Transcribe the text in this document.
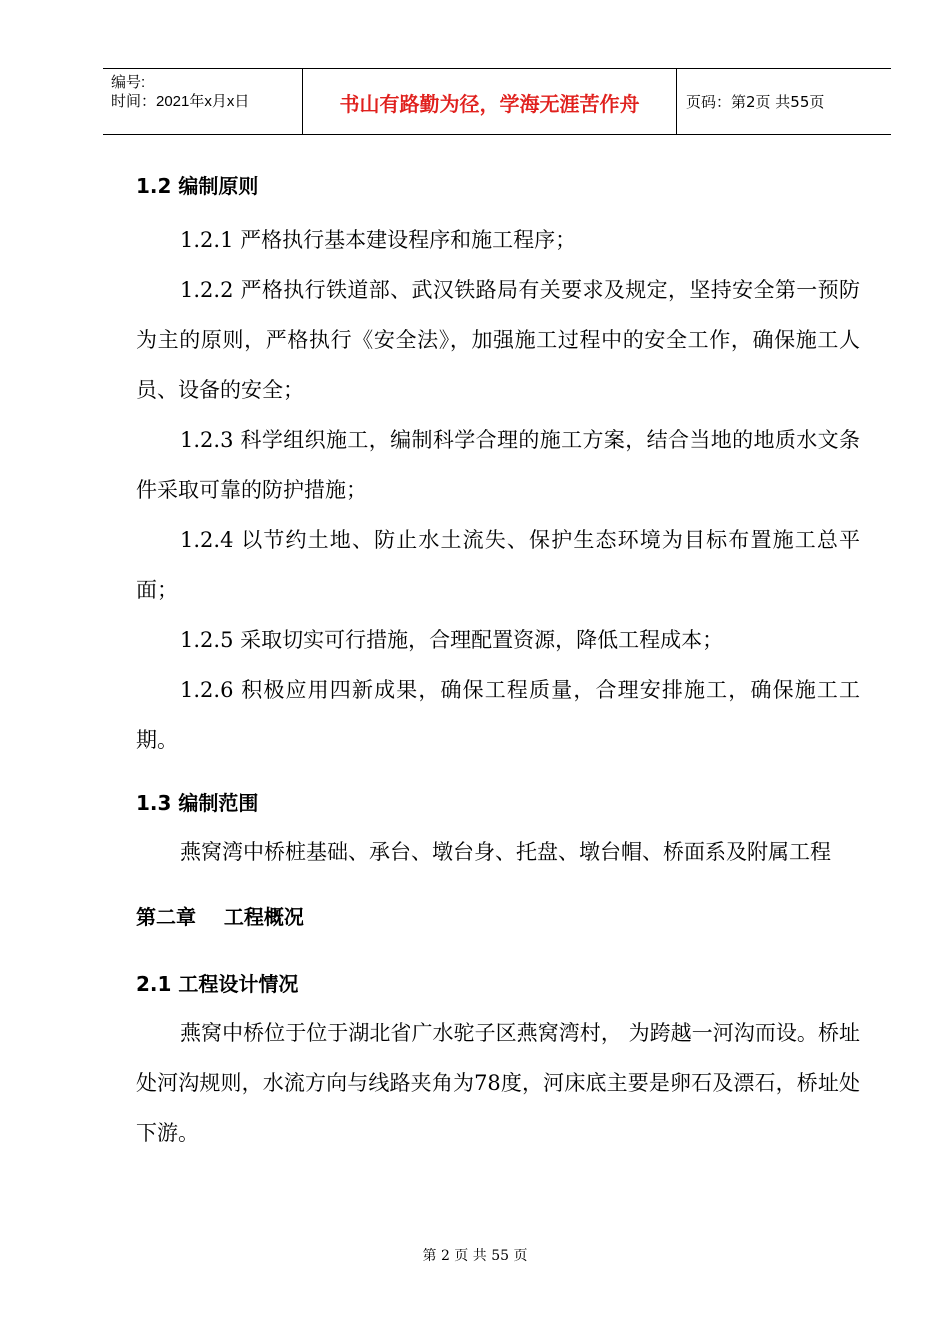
编号:
时间：2021年x月x日	书山有路勤为径，学海无涯苦作舟	页码：第2页 共55页
1.2 编制原则

1.2.1 严格执行基本建设程序和施工程序；

1.2.2 严格执行铁道部、武汉铁路局有关要求及规定，坚持安全第一预防为主的原则，严格执行《安全法》，加强施工过程中的安全工作，确保施工人员、设备的安全；

1.2.3 科学组织施工，编制科学合理的施工方案，结合当地的地质水文条件采取可靠的防护措施；

1.2.4 以节约土地、防止水土流失、保护生态环境为目标布置施工总平面；

1.2.5 采取切实可行措施，合理配置资源，降低工程成本；

1.2.6 积极应用四新成果，确保工程质量，合理安排施工，确保施工工期。

1.3 编制范围

燕窝湾中桥桩基础、承台、墩台身、托盘、墩台帽、桥面系及附属工程

第二章    工程概况
2.1 工程设计情况

燕窝中桥位于位于湖北省广水驼子区燕窝湾村， 为跨越一河沟而设。桥址处河沟规则，水流方向与线路夹角为78度，河床底主要是卵石及漂石，桥址处下游。

第 2 页 共 55 页
